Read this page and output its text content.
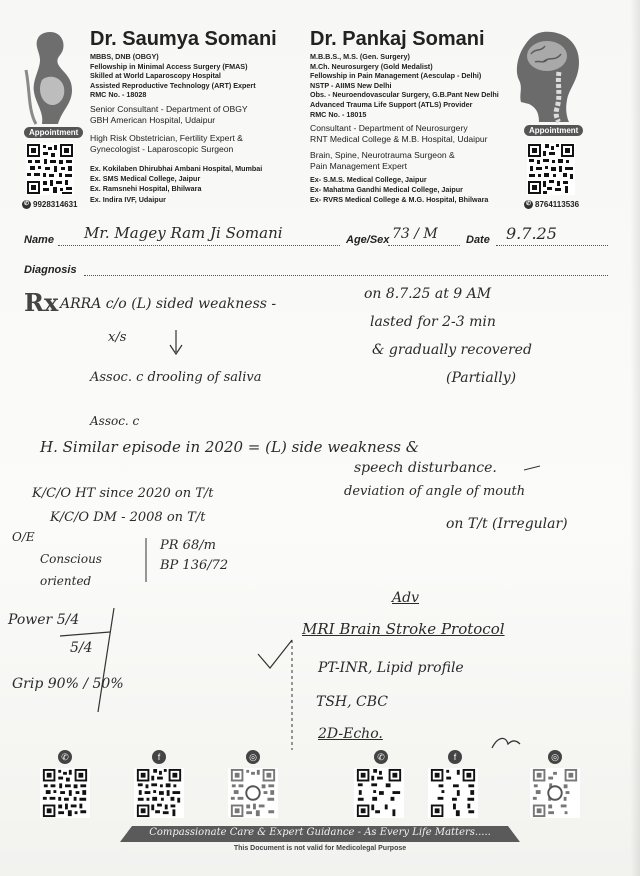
Dr. Saumya Somani
MBBS, DNB (OBGY)
Fellowship in Minimal Access Surgery (FMAS)
Skilled at World Laparoscopy Hospital
Assisted Reproductive Technology (ART) Expert
RMC No. - 18028
Senior Consultant - Department of OBGY
GBH American Hospital, Udaipur
High Risk Obstetrician, Fertility Expert &
Gynecologist - Laparoscopic Surgeon
Ex. Kokilaben Dhirubhai Ambani Hospital, Mumbai
Ex. SMS Medical College, Jaipur
Ex. Ramsnehi Hospital, Bhilwara
Ex. Indira IVF, Udaipur
Appointment
✆ 9928314631
Dr. Pankaj Somani
M.B.B.S., M.S. (Gen. Surgery)
M.Ch. Neurosurgery (Gold Medalist)
Fellowship in Pain Management (Aesculap - Delhi)
NSTP - AIIMS New Delhi
Obs. - Neuroendovascular Surgery, G.B.Pant New Delhi
Advanced Trauma Life Support (ATLS) Provider
RMC No. - 18015
Consultant - Department of Neurosurgery
RNT Medical College & M.B. Hospital, Udaipur
Brain, Spine, Neurotrauma Surgeon &
Pain Management Expert
Ex- S.M.S. Medical College, Jaipur
Ex- Mahatma Gandhi Medical College, Jaipur
Ex- RVRS Medical College & M.G. Hospital, Bhilwara
Appointment
✆ 8764113536
Name Mr. Magey Ram Ji Somani	Age/Sex 73 / M	Date 9.7.25
Diagnosis
Rx ARRA c/o (L) sided weakness -
x/s
on 8.7.25 at 9 AM
lasted for 2-3 min
& gradually recovered
(Partially)
Assoc. c drooling of saliva
Assoc. c
H. Similar episode in 2020 = (L) side weakness &
speech disturbance.
deviation of angle of mouth
on T/t (Irregular)
K/C/O HT since 2020 on T/t
K/C/O DM - 2008 on T/t
O/E
Conscious
oriented
PR 68/m
BP 136/72
Power 5/4
5/4
Grip 90% / 50%
Adv
MRI Brain Stroke Protocol
PT-INR, Lipid profile
TSH, CBC
2D-Echo.
✆	f	◎	✆	f	◎
Compassionate Care & Expert Guidance - As Every Life Matters.....
This Document is not valid for Medicolegal Purpose
